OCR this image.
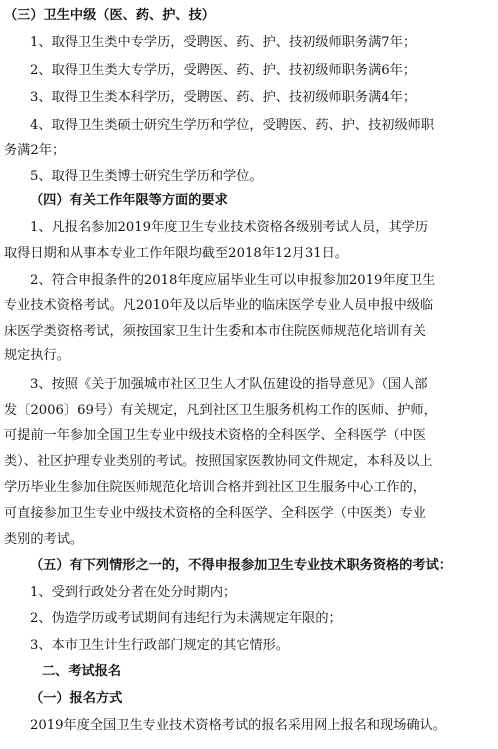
（三）卫生中级（医、药、护、技）
1、取得卫生类中专学历，受聘医、药、护、技初级师职务满7年；
2、取得卫生类大专学历，受聘医、药、护、技初级师职务满6年；
3、取得卫生类本科学历，受聘医、药、护、技初级师职务满4年；
4、取得卫生类硕士研究生学历和学位，受聘医、药、护、技初级师职
务满2年；
5、取得卫生类博士研究生学历和学位。
（四）有关工作年限等方面的要求
1、凡报名参加2019年度卫生专业技术资格各级别考试人员，其学历
取得日期和从事本专业工作年限均截至2018年12月31日。
2、符合申报条件的2018年度应届毕业生可以申报参加2019年度卫生
专业技术资格考试。凡2010年及以后毕业的临床医学专业人员申报中级临
床医学类资格考试，须按国家卫生计生委和本市住院医师规范化培训有关
规定执行。
3、按照《关于加强城市社区卫生人才队伍建设的指导意见》（国人部
发〔2006〕69号）有关规定，凡到社区卫生服务机构工作的医师、护师，
可提前一年参加全国卫生专业中级技术资格的全科医学、全科医学（中医
类）、社区护理专业类别的考试。按照国家医教协同文件规定，本科及以上
学历毕业生参加住院医师规范化培训合格并到社区卫生服务中心工作的，
可直接参加卫生专业中级技术资格的全科医学、全科医学（中医类）专业
类别的考试。
（五）有下列情形之一的，不得申报参加卫生专业技术职务资格的考试：
1、受到行政处分者在处分时期内；
2、伪造学历或考试期间有违纪行为未满规定年限的；
3、本市卫生计生行政部门规定的其它情形。
二、考试报名
（一）报名方式
2019年度全国卫生专业技术资格考试的报名采用网上报名和现场确认。
